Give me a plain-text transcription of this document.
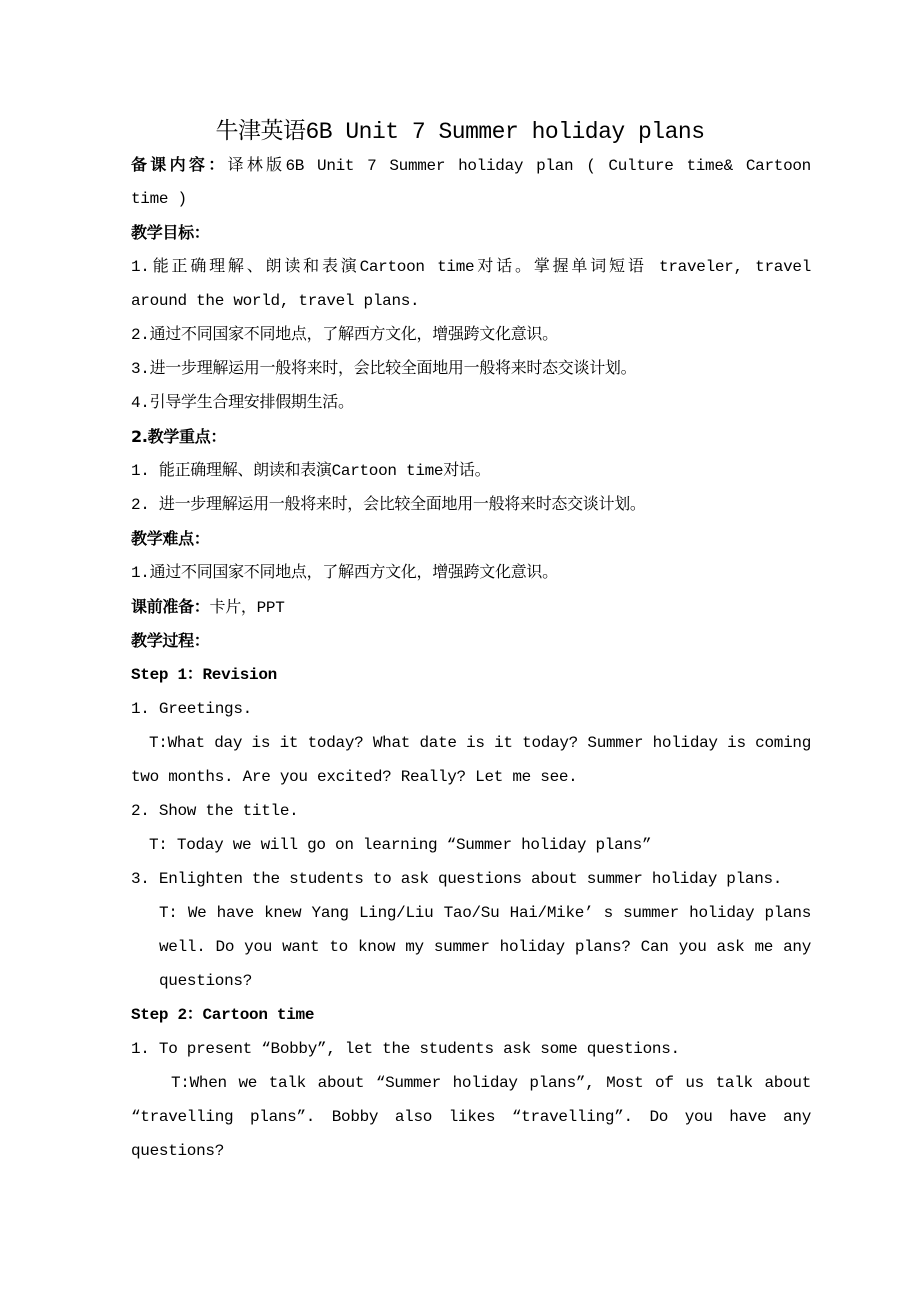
牛津英语6B Unit 7 Summer holiday plans
备课内容：译林版6B Unit 7 Summer holiday plan ( Culture time& Cartoon
time )
教学目标：
1.能正确理解、朗读和表演Cartoon time对话。掌握单词短语 traveler, travel
around the world, travel plans.
2.通过不同国家不同地点，了解西方文化，增强跨文化意识。
3.进一步理解运用一般将来时，会比较全面地用一般将来时态交谈计划。
4.引导学生合理安排假期生活。
2.教学重点：
1. 能正确理解、朗读和表演Cartoon time对话。
2. 进一步理解运用一般将来时，会比较全面地用一般将来时态交谈计划。
教学难点：
1.通过不同国家不同地点，了解西方文化，增强跨文化意识。
课前准备：卡片，PPT
教学过程：
Step 1：Revision
1. Greetings.
T:What day is it today? What date is it today? Summer holiday is coming
two months. Are you excited? Really? Let me see.
2. Show the title.
T: Today we will go on learning “Summer holiday plans”
3. Enlighten the students to ask questions about summer holiday plans.
T: We have knew Yang Ling/Liu Tao/Su Hai/Mike’ s summer holiday plans
well. Do you want to know my summer holiday plans? Can you ask me any
questions?
Step 2：Cartoon time
1. To present “Bobby”, let the students ask some questions.
T:When we talk about “Summer holiday plans”, Most of us talk about
“travelling plans”. Bobby also likes “travelling”. Do you have any
questions?
